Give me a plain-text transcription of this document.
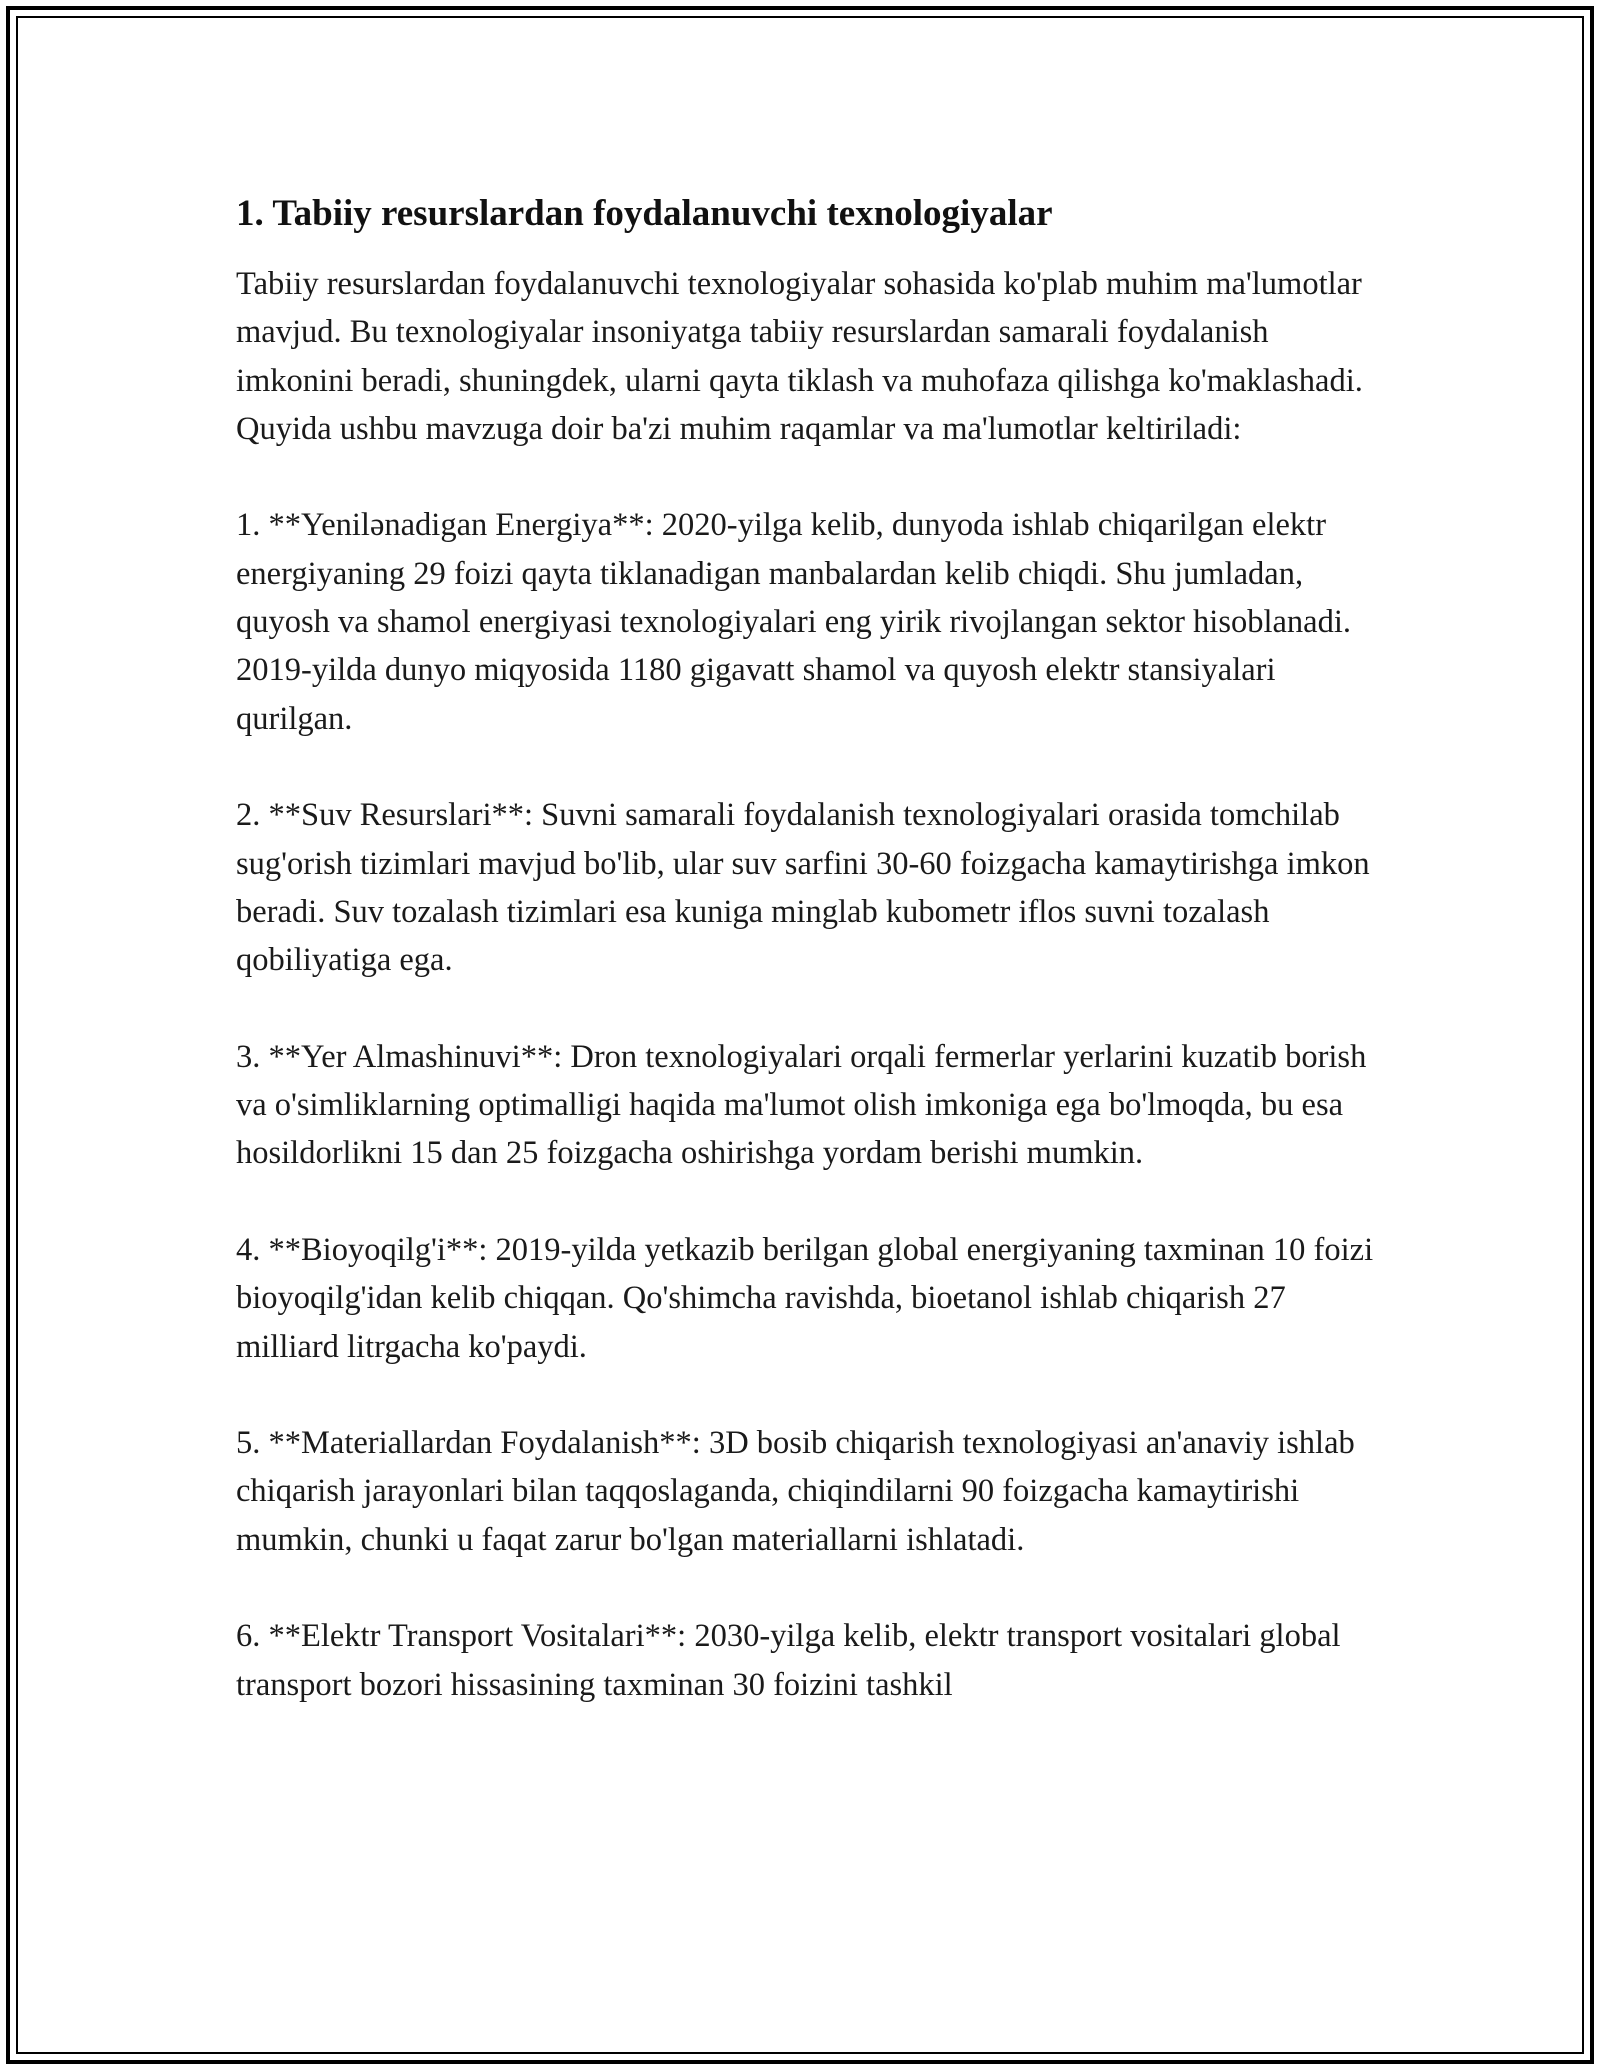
1. Tabiiy resurslardan foydalanuvchi texnologiyalar

Tabiiy resurslardan foydalanuvchi texnologiyalar sohasida ko'plab muhim ma'lumotlar mavjud. Bu texnologiyalar insoniyatga tabiiy resurslardan samarali foydalanish imkonini beradi, shuningdek, ularni qayta tiklash va muhofaza qilishga ko'maklashadi. Quyida ushbu mavzuga doir ba'zi muhim raqamlar va ma'lumotlar keltiriladi:

1. **Yenilənadigan Energiya**: 2020-yilga kelib, dunyoda ishlab chiqarilgan elektr energiyaning 29 foizi qayta tiklanadigan manbalardan kelib chiqdi. Shu jumladan, quyosh va shamol energiyasi texnologiyalari eng yirik rivojlangan sektor hisoblanadi. 2019-yilda dunyo miqyosida 1180 gigavatt shamol va quyosh elektr stansiyalari qurilgan.

2. **Suv Resurslari**: Suvni samarali foydalanish texnologiyalari orasida tomchilab sug'orish tizimlari mavjud bo'lib, ular suv sarfini 30-60 foizgacha kamaytirishga imkon beradi. Suv tozalash tizimlari esa kuniga minglab kubometr iflos suvni tozalash qobiliyatiga ega.

3. **Yer Almashinuvi**: Dron texnologiyalari orqali fermerlar yerlarini kuzatib borish va o'simliklarning optimalligi haqida ma'lumot olish imkoniga ega bo'lmoqda, bu esa hosildorlikni 15 dan 25 foizgacha oshirishga yordam berishi mumkin.

4. **Bioyoqilg'i**: 2019-yilda yetkazib berilgan global energiyaning taxminan 10 foizi bioyoqilg'idan kelib chiqqan. Qo'shimcha ravishda, bioetanol ishlab chiqarish 27 milliard litrgacha ko'paydi.

5. **Materiallardan Foydalanish**: 3D bosib chiqarish texnologiyasi an'anaviy ishlab chiqarish jarayonlari bilan taqqoslaganda, chiqindilarni 90 foizgacha kamaytirishi mumkin, chunki u faqat zarur bo'lgan materiallarni ishlatadi.

6. **Elektr Transport Vositalari**: 2030-yilga kelib, elektr transport vositalari global transport bozori hissasining taxminan 30 foizini tashkil
